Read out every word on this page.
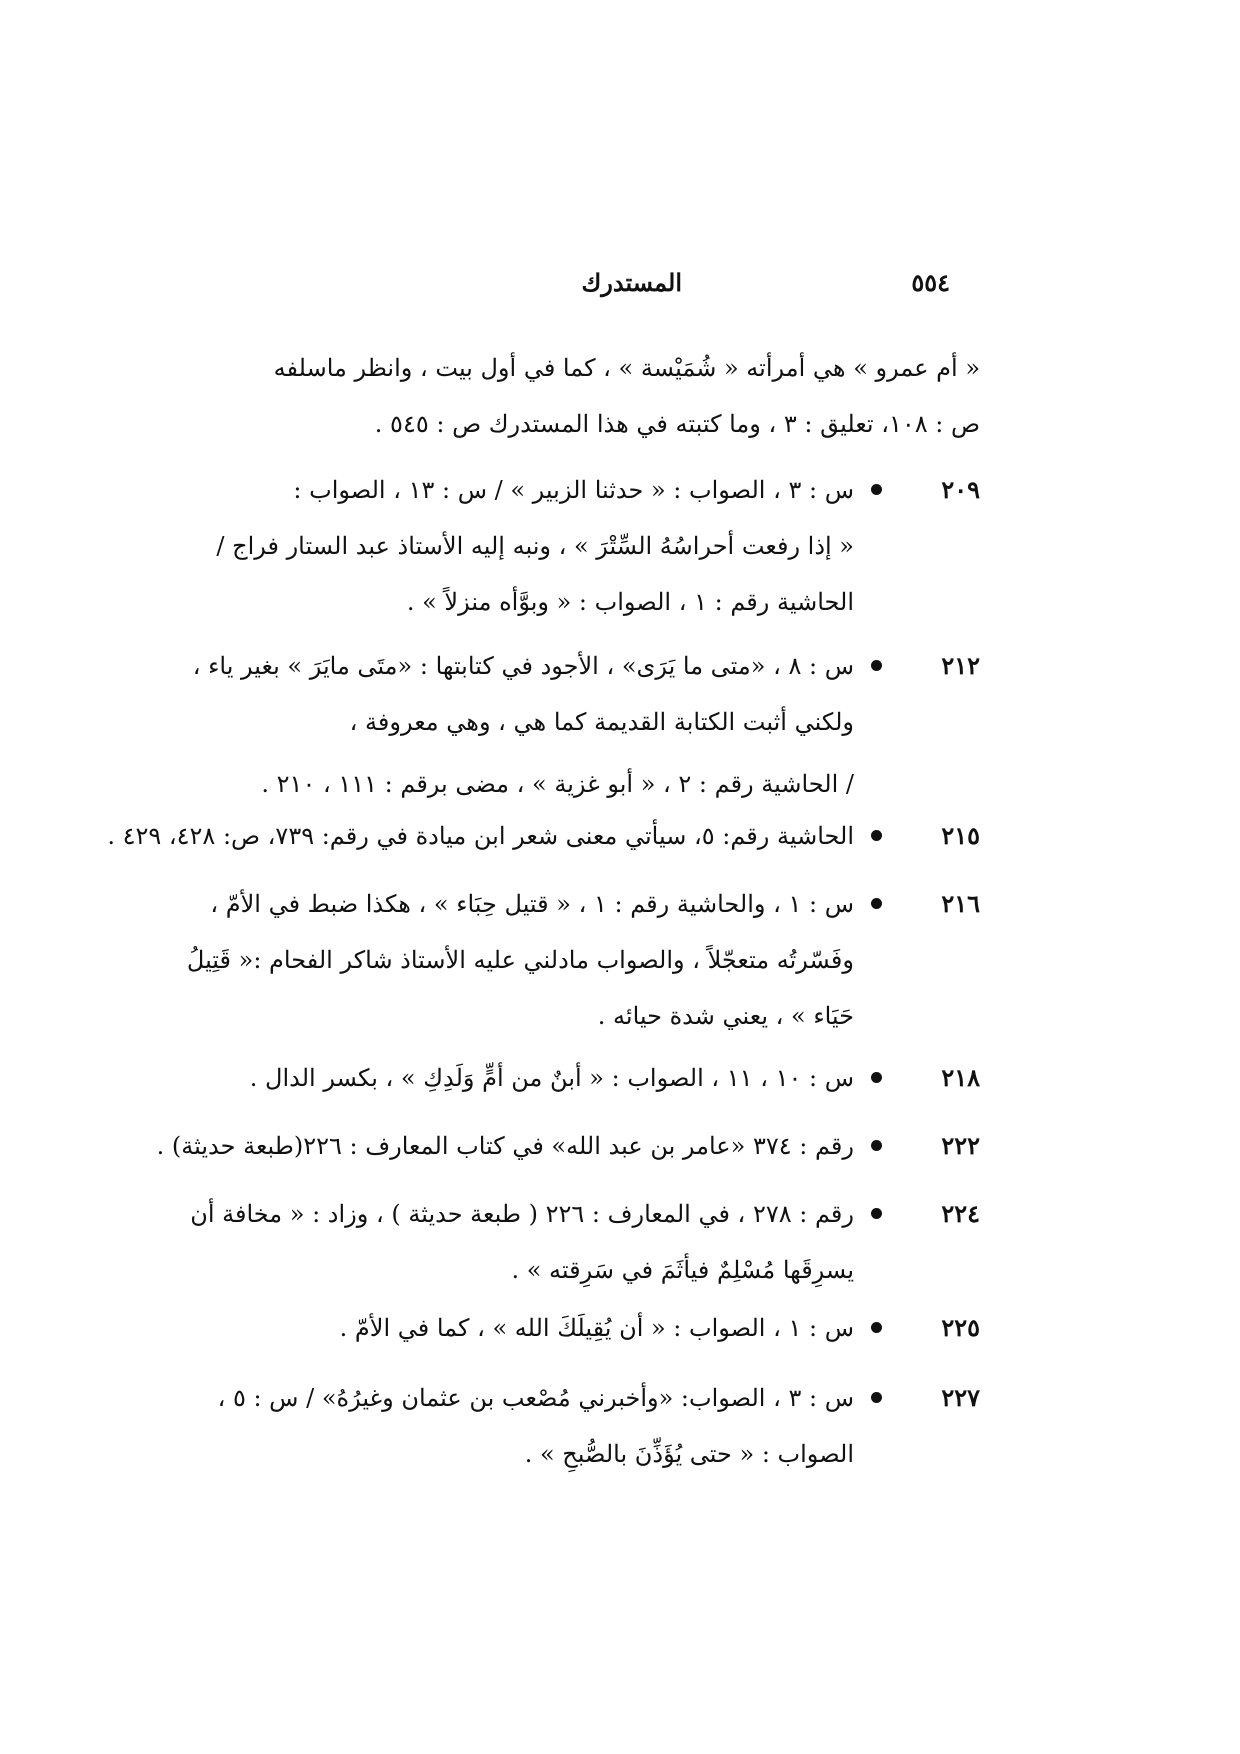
المستدرك	٥٥٤
« أم عمرو » هي أمرأته « شُمَيْسة » ، كما في أول بيت ، وانظر ماسلفه
ص : ١٠٨، تعليق : ٣ ، وما كتبته في هذا المستدرك ص : ٥٤٥ .
٢٠٩
س : ٣ ، الصواب : « حدثنا الزبير » / س : ١٣ ، الصواب :
« إذا رفعت أحراسُهُ السِّتْرَ » ، ونبه إليه الأستاذ عبد الستار فراج /
الحاشية رقم : ١ ، الصواب : « وبوَّأه منزلاً » .
٢١٢
س : ٨ ، «متى ما يَرَى» ، الأجود في كتابتها : «متَى مايَرَ » بغير ياء ،
ولكني أثبت الكتابة القديمة كما هي ، وهي معروفة ،
/ الحاشية رقم : ٢ ، « أبو غزية » ، مضى برقم : ١١١ ، ٢١٠ .
٢١٥
الحاشية رقم: ٥، سيأتي معنى شعر ابن ميادة في رقم: ٧٣٩، ص: ٤٢٨، ٤٢٩ .
٢١٦
س : ١ ، والحاشية رقم : ١ ، « قتيل حِبَاء » ، هكذا ضبط في الأمّ ،
وفَسّرتُه متعجّلاً ، والصواب مادلني عليه الأستاذ شاكر الفحام :« قَتِيلُ
حَيَاء » ، يعني شدة حيائه .
٢١٨
س : ١٠ ، ١١ ، الصواب : « أبنٌ من أمٍّ وَلَدِكِ » ، بكسر الدال .
٢٢٢
رقم : ٣٧٤ «عامر بن عبد الله» في كتاب المعارف : ٢٢٦(طبعة حديثة) .
٢٢٤
رقم : ٢٧٨ ، في المعارف : ٢٢٦ ( طبعة حديثة ) ، وزاد : « مخافة أن
يسرِقَها مُسْلِمٌ فيأثَمَ في سَرِقته » .
٢٢٥
س : ١ ، الصواب : « أن يُقِيلَكَ الله » ، كما في الأمّ .
٢٢٧
س : ٣ ، الصواب: «وأخبرني مُصْعب بن عثمان وغيرُهُ» / س : ٥ ،
الصواب : « حتى يُؤَذِّنَ بالصُّبحِ » .
